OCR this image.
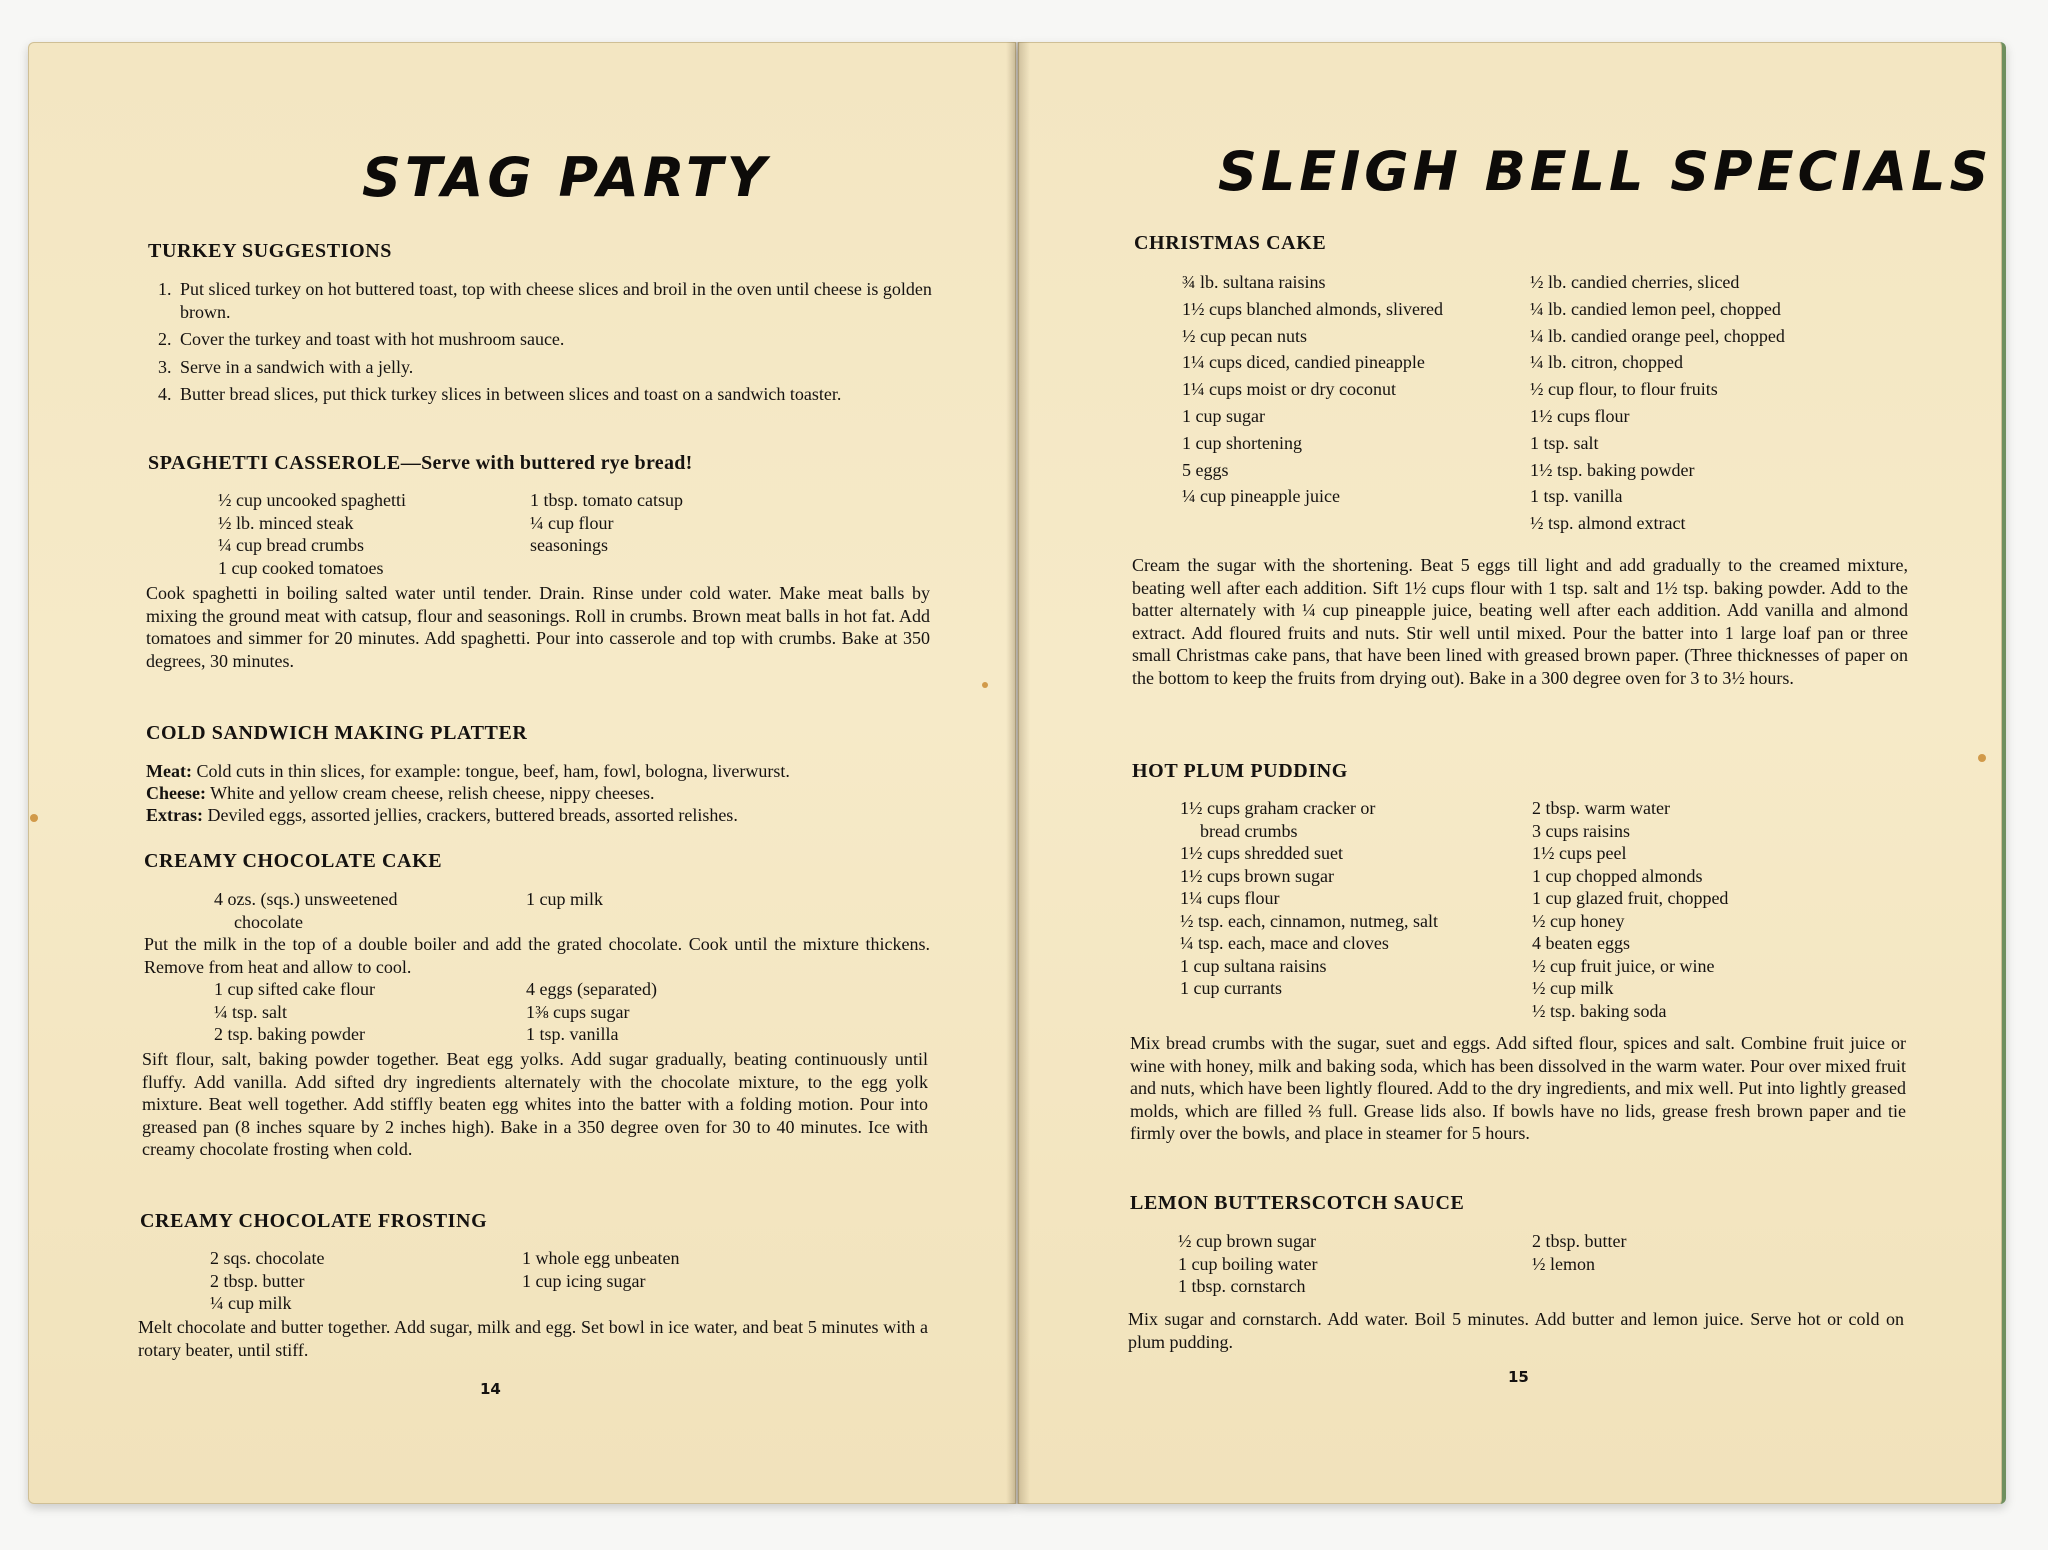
STAG PARTY
TURKEY SUGGESTIONS
1. Put sliced turkey on hot buttered toast, top with cheese slices and broil in the oven until cheese is golden brown.
2. Cover the turkey and toast with hot mushroom sauce.
3. Serve in a sandwich with a jelly.
4. Butter bread slices, put thick turkey slices in between slices and toast on a sandwich toaster.
SPAGHETTI CASSEROLE—Serve with buttered rye bread!
½ cup uncooked spaghetti
½ lb. minced steak
¼ cup bread crumbs
1 cup cooked tomatoes
1 tbsp. tomato catsup
¼ cup flour
seasonings
Cook spaghetti in boiling salted water until tender. Drain. Rinse under cold water. Make meat balls by mixing the ground meat with catsup, flour and seasonings. Roll in crumbs. Brown meat balls in hot fat. Add tomatoes and simmer for 20 minutes. Add spaghetti. Pour into casserole and top with crumbs. Bake at 350 degrees, 30 minutes.
COLD SANDWICH MAKING PLATTER
Meat: Cold cuts in thin slices, for example: tongue, beef, ham, fowl, bologna, liverwurst.
Cheese: White and yellow cream cheese, relish cheese, nippy cheeses.
Extras: Deviled eggs, assorted jellies, crackers, buttered breads, assorted relishes.
CREAMY CHOCOLATE CAKE
4 ozs. (sqs.) unsweetened
chocolate
1 cup milk
Put the milk in the top of a double boiler and add the grated chocolate. Cook until the mixture thickens. Remove from heat and allow to cool.
1 cup sifted cake flour
¼ tsp. salt
2 tsp. baking powder
4 eggs (separated)
1⅜ cups sugar
1 tsp. vanilla
Sift flour, salt, baking powder together. Beat egg yolks. Add sugar gradually, beating continuously until fluffy. Add vanilla. Add sifted dry ingredients alternately with the chocolate mixture, to the egg yolk mixture. Beat well together. Add stiffly beaten egg whites into the batter with a folding motion. Pour into greased pan (8 inches square by 2 inches high). Bake in a 350 degree oven for 30 to 40 minutes. Ice with creamy chocolate frosting when cold.
CREAMY CHOCOLATE FROSTING
2 sqs. chocolate
2 tbsp. butter
¼ cup milk
1 whole egg unbeaten
1 cup icing sugar
Melt chocolate and butter together. Add sugar, milk and egg. Set bowl in ice water, and beat 5 minutes with a rotary beater, until stiff.
14
SLEIGH BELL SPECIALS
CHRISTMAS CAKE
¾ lb. sultana raisins
1½ cups blanched almonds, slivered
½ cup pecan nuts
1¼ cups diced, candied pineapple
1¼ cups moist or dry coconut
1 cup sugar
1 cup shortening
5 eggs
¼ cup pineapple juice
½ lb. candied cherries, sliced
¼ lb. candied lemon peel, chopped
¼ lb. candied orange peel, chopped
¼ lb. citron, chopped
½ cup flour, to flour fruits
1½ cups flour
1 tsp. salt
1½ tsp. baking powder
1 tsp. vanilla
½ tsp. almond extract
Cream the sugar with the shortening. Beat 5 eggs till light and add gradually to the creamed mixture, beating well after each addition. Sift 1½ cups flour with 1 tsp. salt and 1½ tsp. baking powder. Add to the batter alternately with ¼ cup pineapple juice, beating well after each addition. Add vanilla and almond extract. Add floured fruits and nuts. Stir well until mixed. Pour the batter into 1 large loaf pan or three small Christmas cake pans, that have been lined with greased brown paper. (Three thicknesses of paper on the bottom to keep the fruits from drying out). Bake in a 300 degree oven for 3 to 3½ hours.
HOT PLUM PUDDING
1½ cups graham cracker or
bread crumbs
1½ cups shredded suet
1½ cups brown sugar
1¼ cups flour
½ tsp. each, cinnamon, nutmeg, salt
¼ tsp. each, mace and cloves
1 cup sultana raisins
1 cup currants
2 tbsp. warm water
3 cups raisins
1½ cups peel
1 cup chopped almonds
1 cup glazed fruit, chopped
½ cup honey
4 beaten eggs
½ cup fruit juice, or wine
½ cup milk
½ tsp. baking soda
Mix bread crumbs with the sugar, suet and eggs. Add sifted flour, spices and salt. Combine fruit juice or wine with honey, milk and baking soda, which has been dissolved in the warm water. Pour over mixed fruit and nuts, which have been lightly floured. Add to the dry ingredients, and mix well. Put into lightly greased molds, which are filled ⅔ full. Grease lids also. If bowls have no lids, grease fresh brown paper and tie firmly over the bowls, and place in steamer for 5 hours.
LEMON BUTTERSCOTCH SAUCE
½ cup brown sugar
1 cup boiling water
1 tbsp. cornstarch
2 tbsp. butter
½ lemon
Mix sugar and cornstarch. Add water. Boil 5 minutes. Add butter and lemon juice. Serve hot or cold on plum pudding.
15
